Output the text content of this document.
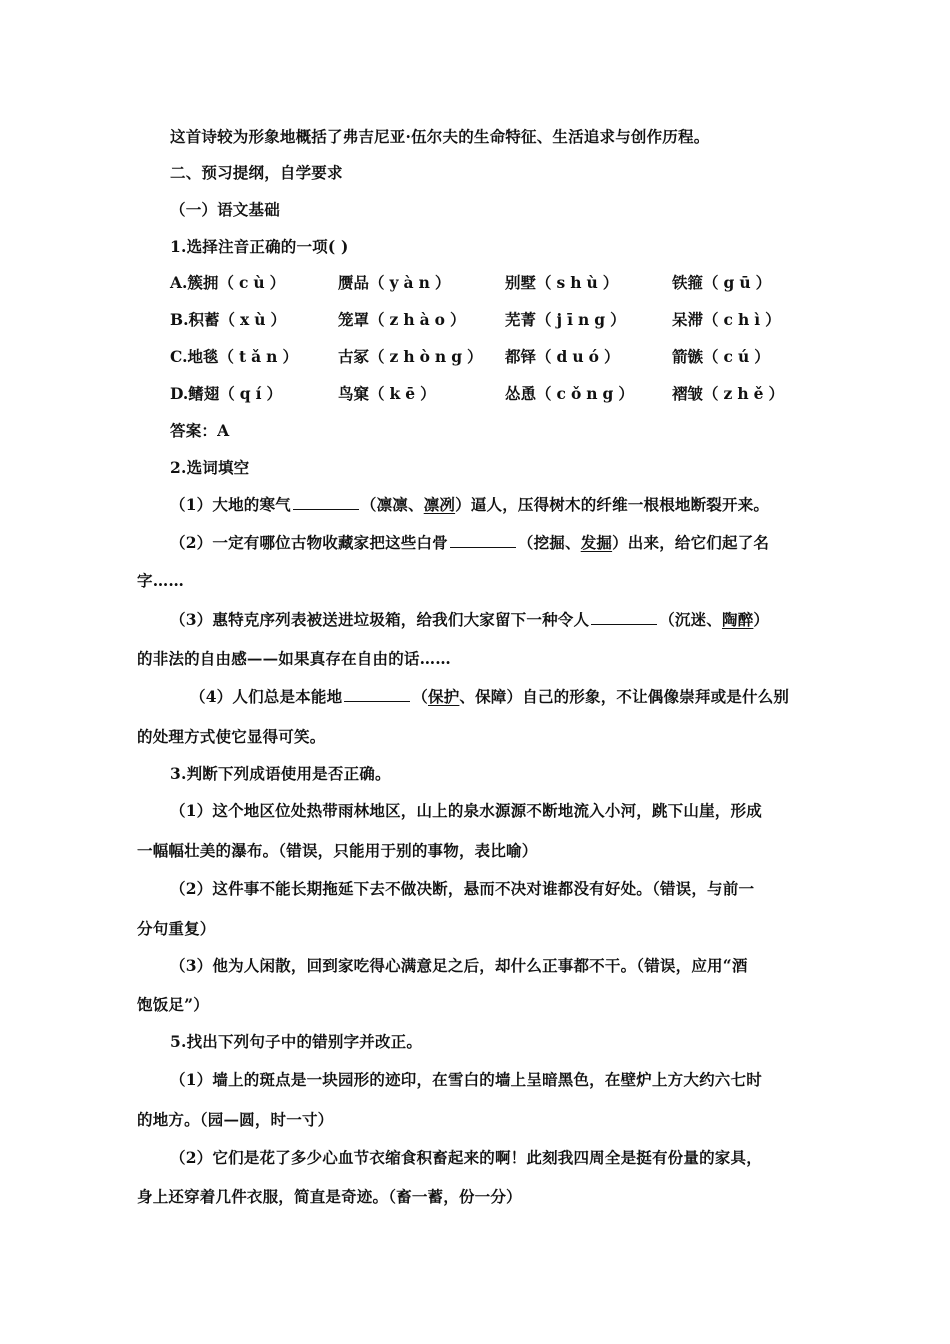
这首诗较为形象地概括了弗吉尼亚·伍尔夫的生命特征、生活追求与创作历程。
二、预习提纲，自学要求
（一）语文基础
1.选择注音正确的一项( )
A.簇拥（cù）	赝品（yàn）	别墅（shù）	铁箍（gū）
B.积蓄（xù）	笼罩（zhào） 芜菁（jīng）	呆滞（chì）
C.地毯（tǎn） 古冢（zhòng） 都铎（duó）	箭镞（cú）
D.鳍翅（qí）	鸟窠（kē）	怂恿（cǒng） 褶皱（zhě）
答案：A
2.选词填空
（1）大地的寒气	（凛凛、凛冽）逼人，压得树木的纤维一根根地断裂开来。
（2）一定有哪位古物收藏家把这些白骨	（挖掘、发掘）出来，给它们起了名
字……
（3）惠特克序列表被送进垃圾箱，给我们大家留下一种令人	（沉迷、陶醉）
的非法的自由感——如果真存在自由的话……
（4）人们总是本能地	（保护、保障）自己的形象，不让偶像崇拜或是什么别
的处理方式使它显得可笑。
3.判断下列成语使用是否正确。
（1）这个地区位处热带雨林地区，山上的泉水源源不断地流入小河，跳下山崖，形成
一幅幅壮美的瀑布。（错误，只能用于别的事物，表比喻）
（2）这件事不能长期拖延下去不做决断，悬而不决对谁都没有好处。（错误，与前一
分句重复）
（3）他为人闲散，回到家吃得心满意足之后，却什么正事都不干。（错误，应用“酒
饱饭足”）
5.找出下列句子中的错别字并改正。
（1）墙上的斑点是一块园形的迹印，在雪白的墙上呈暗黑色，在壁炉上方大约六七时
的地方。（园—圆，时一寸）
（2）它们是花了多少心血节衣缩食积畜起来的啊！此刻我四周全是挺有份量的家具，
身上还穿着几件衣服，简直是奇迹。（畜一蓄，份一分）
